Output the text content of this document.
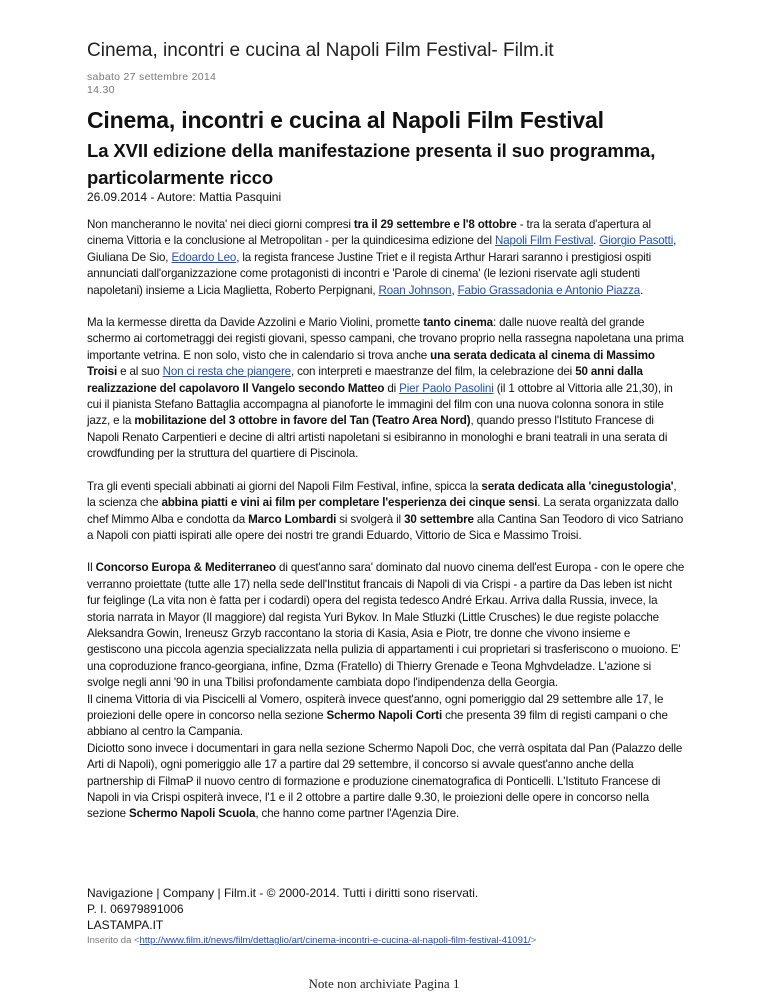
Cinema, incontri e cucina al Napoli Film Festival- Film.it
sabato 27 settembre 2014
14.30
Cinema, incontri e cucina al Napoli Film Festival
La XVII edizione della manifestazione presenta il suo programma, particolarmente ricco
26.09.2014 - Autore: Mattia Pasquini

Non mancheranno le novita' nei dieci giorni compresi tra il 29 settembre e l'8 ottobre - tra la serata d'apertura al cinema Vittoria e la conclusione al Metropolitan - per la quindicesima edizione del Napoli Film Festival. Giorgio Pasotti, Giuliana De Sio, Edoardo Leo, la regista francese Justine Triet e il regista Arthur Harari saranno i prestigiosi ospiti annunciati dall'organizzazione come protagonisti di incontri e 'Parole di cinema' (le lezioni riservate agli studenti napoletani) insieme a Licia Maglietta, Roberto Perpignani, Roan Johnson, Fabio Grassadonia e Antonio Piazza.

Ma la kermesse diretta da Davide Azzolini e Mario Violini, promette tanto cinema: dalle nuove realtà del grande schermo ai cortometraggi dei registi giovani, spesso campani, che trovano proprio nella rassegna napoletana una prima importante vetrina. E non solo, visto che in calendario si trova anche una serata dedicata al cinema di Massimo Troisi e al suo Non ci resta che piangere, con interpreti e maestranze del film, la celebrazione dei 50 anni dalla realizzazione del capolavoro Il Vangelo secondo Matteo di Pier Paolo Pasolini (il 1 ottobre al Vittoria alle 21,30), in cui il pianista Stefano Battaglia accompagna al pianoforte le immagini del film con una nuova colonna sonora in stile jazz, e la mobilitazione del 3 ottobre in favore del Tan (Teatro Area Nord), quando presso l'Istituto Francese di Napoli Renato Carpentieri e decine di altri artisti napoletani si esibiranno in monologhi e brani teatrali in una serata di crowdfunding per la struttura del quartiere di Piscinola.

Tra gli eventi speciali abbinati ai giorni del Napoli Film Festival, infine, spicca la serata dedicata alla 'cinegustologia', la scienza che abbina piatti e vini ai film per completare l'esperienza dei cinque sensi. La serata organizzata dallo chef Mimmo Alba e condotta da Marco Lombardi si svolgerà il 30 settembre alla Cantina San Teodoro di vico Satriano a Napoli con piatti ispirati alle opere dei nostri tre grandi Eduardo, Vittorio de Sica e Massimo Troisi.

Il Concorso Europa & Mediterraneo di quest'anno sara' dominato dal nuovo cinema dell'est Europa - con le opere che verranno proiettate (tutte alle 17) nella sede dell'Institut francais di Napoli di via Crispi - a partire da Das leben ist nicht fur feiglinge (La vita non è fatta per i codardi) opera del regista tedesco André Erkau. Arriva dalla Russia, invece, la storia narrata in Mayor (Il maggiore) dal regista Yuri Bykov. In Male Stluzki (Little Crusches) le due registe polacche Aleksandra Gowin, Ireneusz Grzyb raccontano la storia di Kasia, Asia e Piotr, tre donne che vivono insieme e gestiscono una piccola agenzia specializzata nella pulizia di appartamenti i cui proprietari si trasferiscono o muoiono. E' una coproduzione franco-georgiana, infine, Dzma (Fratello) di Thierry Grenade e Teona Mghvdeladze. L'azione si svolge negli anni '90 in una Tbilisi profondamente cambiata dopo l'indipendenza della Georgia.

Il cinema Vittoria di via Piscicelli al Vomero, ospiterà invece quest'anno, ogni pomeriggio dal 29 settembre alle 17, le proiezioni delle opere in concorso nella sezione Schermo Napoli Corti che presenta 39 film di registi campani o che abbiano al centro la Campania.

Diciotto sono invece i documentari in gara nella sezione Schermo Napoli Doc, che verrà ospitata dal Pan (Palazzo delle Arti di Napoli), ogni pomeriggio alle 17 a partire dal 29 settembre, il concorso si avvale quest'anno anche della partnership di FilmaP il nuovo centro di formazione e produzione cinematografica di Ponticelli. L'Istituto Francese di Napoli in via Crispi ospiterà invece, l'1 e il 2 ottobre a partire dalle 9.30, le proiezioni delle opere in concorso nella sezione Schermo Napoli Scuola, che hanno come partner l'Agenzia Dire.

Navigazione | Company | Film.it - © 2000-2014. Tutti i diritti sono riservati.
P. I. 06979891006
LASTAMPA.IT
Inserito da <http://www.film.it/news/film/dettaglio/art/cinema-incontri-e-cucina-al-napoli-film-festival-41091/>
Note non archiviate Pagina 1
